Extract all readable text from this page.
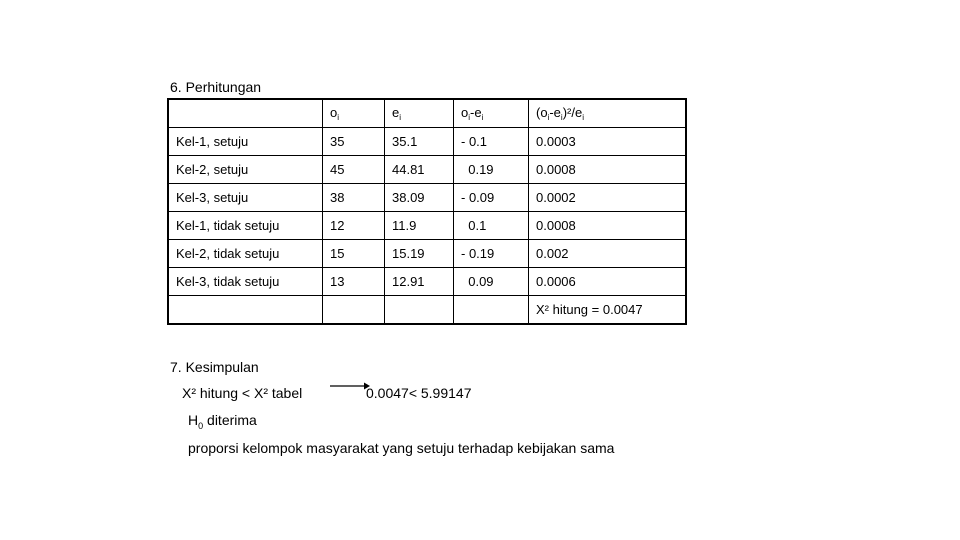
6. Perhitungan
	$o_i$	$e_i$	$o_i-e_i$	$(o_i-e_i)^2/e_i$
Kel-1, setuju	35	35.1	- 0.1	0.0003
Kel-2, setuju	45	44.81	0.19	0.0008
Kel-3, setuju	38	38.09	- 0.09	0.0002
Kel-1, tidak setuju	12	11.9	0.1	0.0008
Kel-2, tidak setuju	15	15.19	- 0.19	0.002
Kel-3, tidak setuju	13	12.91	0.09	0.0006
				X² hitung = 0.0047
7. Kesimpulan
X² hitung < X² tabel	0.0047< 5.99147
$H_0$ diterima
proporsi kelompok masyarakat yang setuju terhadap kebijakan sama
